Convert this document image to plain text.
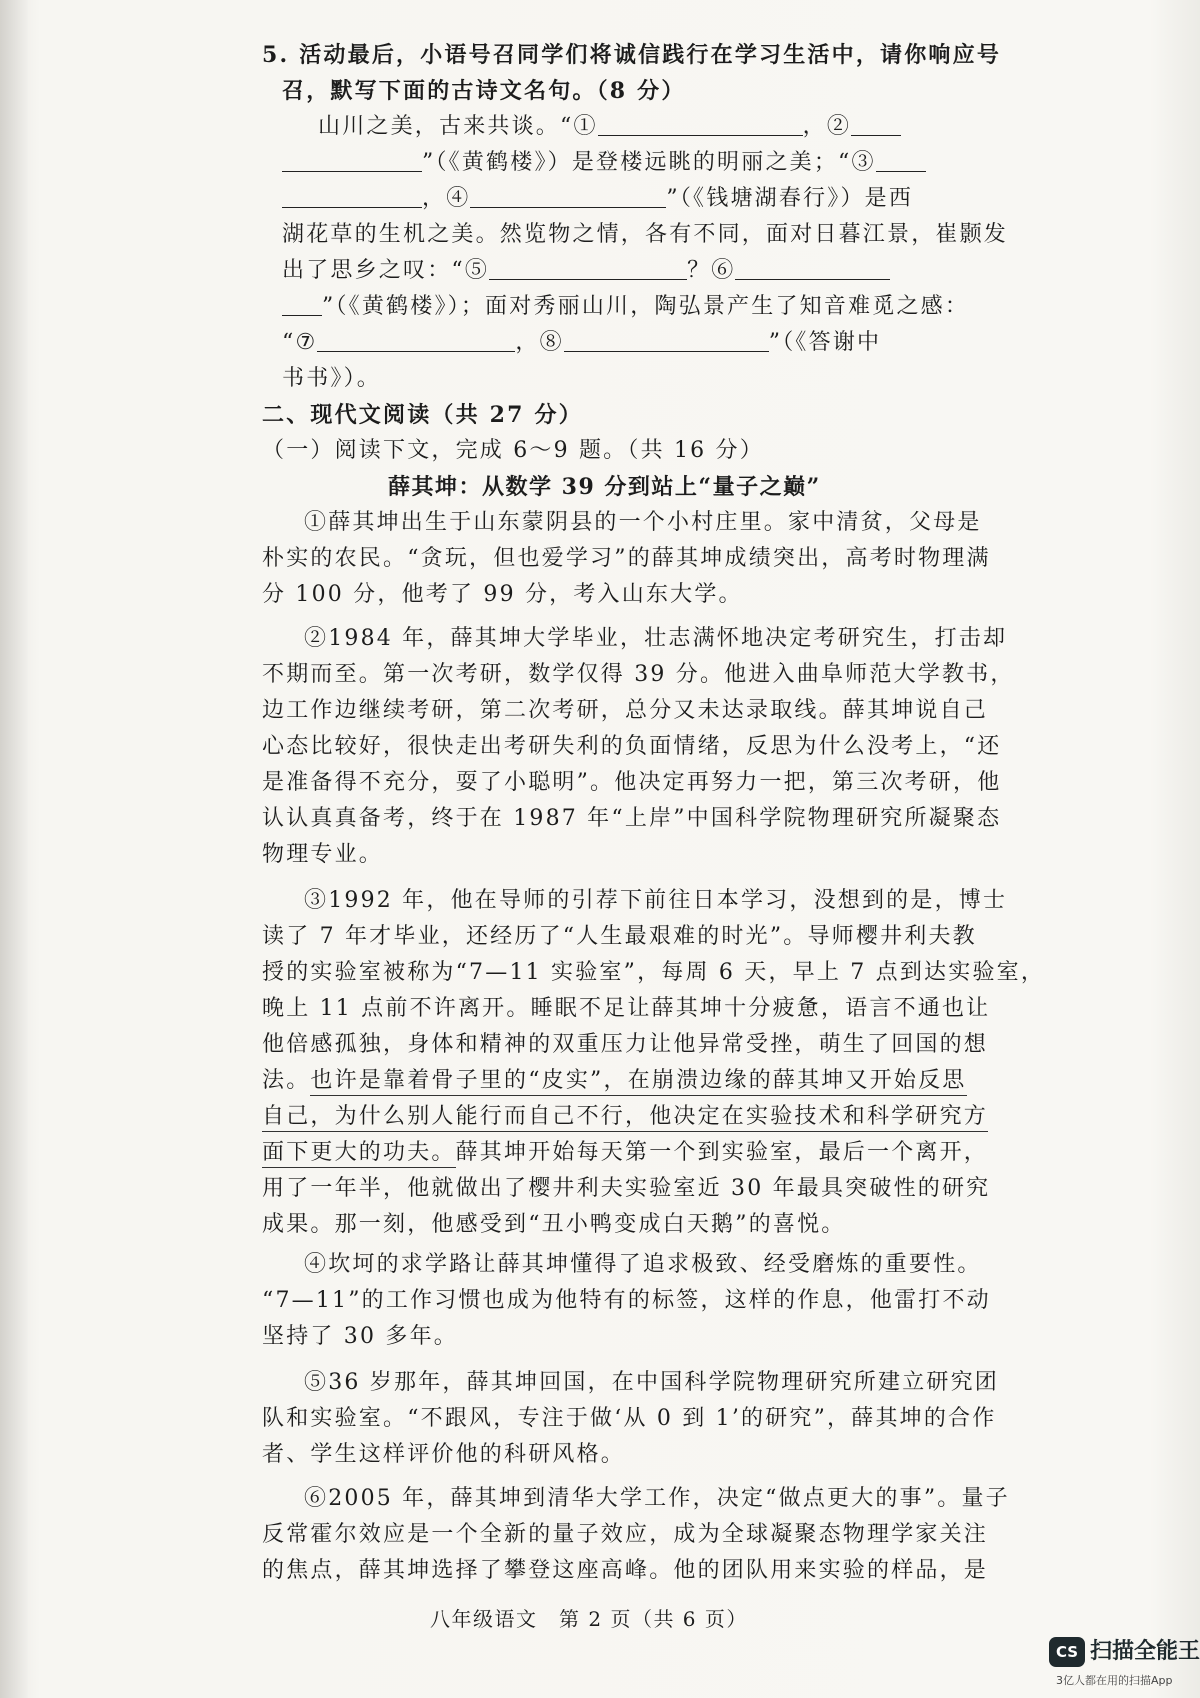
5. 活动最后，小语号召同学们将诚信践行在学习生活中，请你响应号
召，默写下面的古诗文名句。（8 分）
山川之美，古来共谈。“①	，②
”（《黄鹤楼》）是登楼远眺的明丽之美；“③
，④	”（《钱塘湖春行》）是西
湖花草的生机之美。然览物之情，各有不同，面对日暮江景，崔颢发
出了思乡之叹：“⑤	？⑥
”（《黄鹤楼》）；面对秀丽山川，陶弘景产生了知音难觅之感：
“⑦	，⑧	”（《答谢中
书书》）。
二、现代文阅读（共 27 分）
（一）阅读下文，完成 6～9 题。（共 16 分）
薛其坤：从数学 39 分到站上“量子之巅”
①薛其坤出生于山东蒙阴县的一个小村庄里。家中清贫，父母是
朴实的农民。“贪玩，但也爱学习”的薛其坤成绩突出，高考时物理满
分 100 分，他考了 99 分，考入山东大学。
②1984 年，薛其坤大学毕业，壮志满怀地决定考研究生，打击却
不期而至。第一次考研，数学仅得 39 分。他进入曲阜师范大学教书，
边工作边继续考研，第二次考研，总分又未达录取线。薛其坤说自己
心态比较好，很快走出考研失利的负面情绪，反思为什么没考上，“还
是准备得不充分，耍了小聪明”。他决定再努力一把，第三次考研，他
认认真真备考，终于在 1987 年“上岸”中国科学院物理研究所凝聚态
物理专业。
③1992 年，他在导师的引荐下前往日本学习，没想到的是，博士
读了 7 年才毕业，还经历了“人生最艰难的时光”。导师樱井利夫教
授的实验室被称为“7—11 实验室”，每周 6 天，早上 7 点到达实验室，
晚上 11 点前不许离开。睡眠不足让薛其坤十分疲惫，语言不通也让
他倍感孤独，身体和精神的双重压力让他异常受挫，萌生了回国的想
法。也许是靠着骨子里的“皮实”，在崩溃边缘的薛其坤又开始反思
自己，为什么别人能行而自己不行，他决定在实验技术和科学研究方
面下更大的功夫。薛其坤开始每天第一个到实验室，最后一个离开，
用了一年半，他就做出了樱井利夫实验室近 30 年最具突破性的研究
成果。那一刻，他感受到“丑小鸭变成白天鹅”的喜悦。
④坎坷的求学路让薛其坤懂得了追求极致、经受磨炼的重要性。
“7—11”的工作习惯也成为他特有的标签，这样的作息，他雷打不动
坚持了 30 多年。
⑤36 岁那年，薛其坤回国，在中国科学院物理研究所建立研究团
队和实验室。“不跟风，专注于做‘从 0 到 1’的研究”，薛其坤的合作
者、学生这样评价他的科研风格。
⑥2005 年，薛其坤到清华大学工作，决定“做点更大的事”。量子
反常霍尔效应是一个全新的量子效应，成为全球凝聚态物理学家关注
的焦点，薛其坤选择了攀登这座高峰。他的团队用来实验的样品，是
八年级语文　第 2 页（共 6 页）
CS 扫描全能王
3亿人都在用的扫描App
